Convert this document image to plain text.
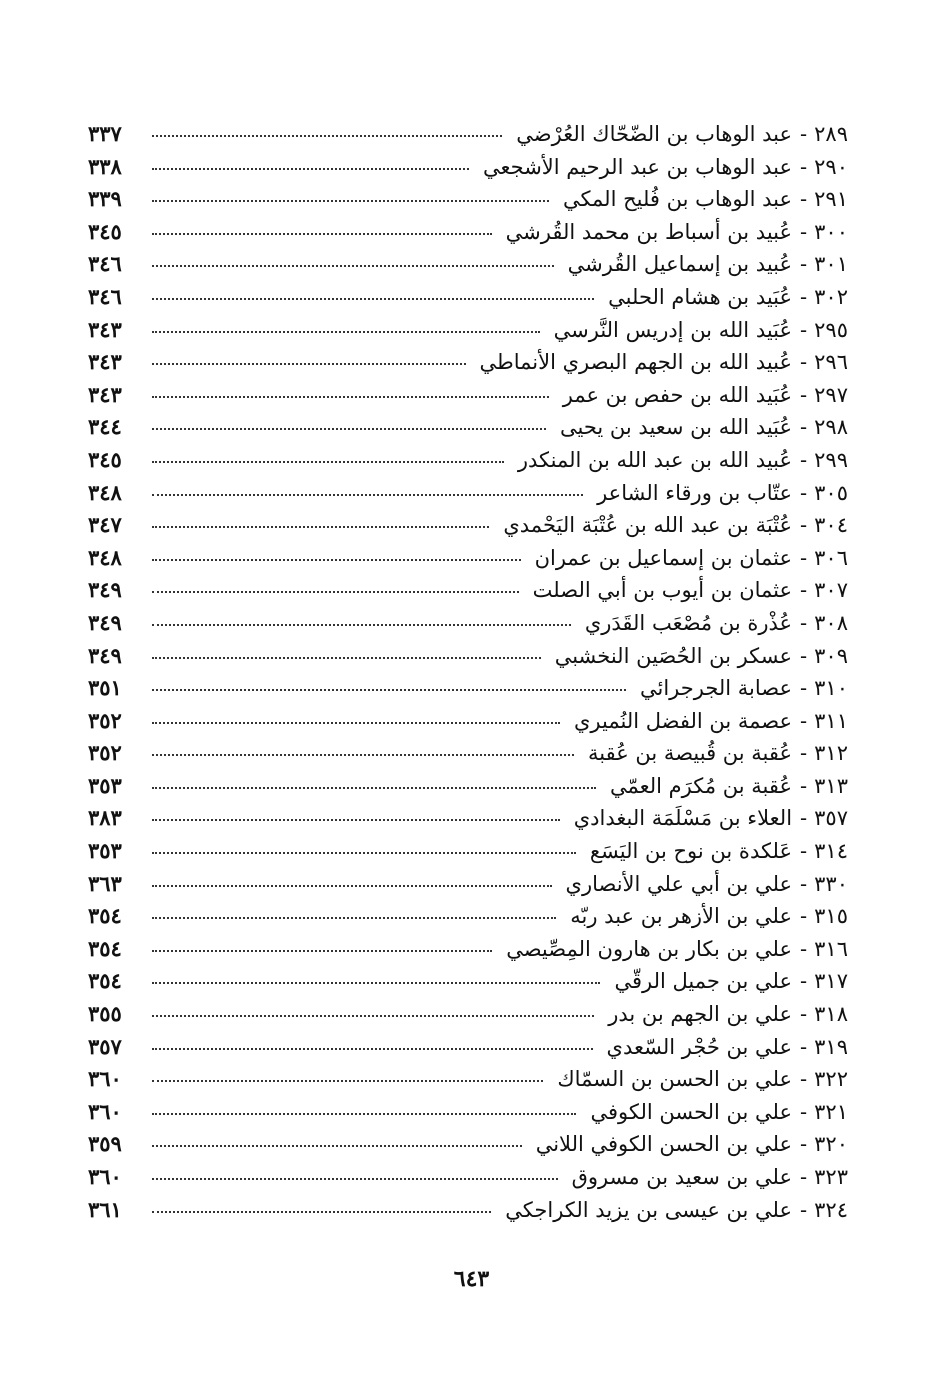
٢٨٩
-
عبد الوهاب بن الضّحّاك العُرْضي
٣٣٧
٢٩٠
-
عبد الوهاب بن عبد الرحيم الأشجعي
٣٣٨
٢٩١
-
عبد الوهاب بن فُليح المكي
٣٣٩
٣٠٠
-
عُبيد بن أسباط بن محمد القُرشي
٣٤٥
٣٠١
-
عُبيد بن إسماعيل القُرشي
٣٤٦
٣٠٢
-
عُبَيد بن هشام الحلبي
٣٤٦
٢٩٥
-
عُبَيد الله بن إدريس النَّرسي
٣٤٣
٢٩٦
-
عُبيد الله بن الجهم البصري الأنماطي
٣٤٣
٢٩٧
-
عُبَيد الله بن حفص بن عمر
٣٤٣
٢٩٨
-
عُبَيد الله بن سعيد بن يحيى
٣٤٤
٢٩٩
-
عُبيد الله بن عبد الله بن المنكدر
٣٤٥
٣٠٥
-
عتّاب بن ورقاء الشاعر
٣٤٨
٣٠٤
-
عُتْبَة بن عبد الله بن عُتْبَة اليَحْمدي
٣٤٧
٣٠٦
-
عثمان بن إسماعيل بن عمران
٣٤٨
٣٠٧
-
عثمان بن أيوب بن أبي الصلت
٣٤٩
٣٠٨
-
عُذْرة بن مُصْعَب القَدَري
٣٤٩
٣٠٩
-
عسكر بن الحُصَين النخشبي
٣٤٩
٣١٠
-
عصابة الجرجرائي
٣٥١
٣١١
-
عصمة بن الفضل النُميري
٣٥٢
٣١٢
-
عُقبة بن قُبيصة بن عُقبة
٣٥٢
٣١٣
-
عُقبة بن مُكرَم العمّي
٣٥٣
٣٥٧
-
العلاء بن مَسْلَمَة البغدادي
٣٨٣
٣١٤
-
عَلكدة بن نوح بن اليَسَع
٣٥٣
٣٣٠
-
علي بن أبي علي الأنصاري
٣٦٣
٣١٥
-
علي بن الأزهر بن عبد ربّه
٣٥٤
٣١٦
-
علي بن بكار بن هارون المِصِّيصي
٣٥٤
٣١٧
-
علي بن جميل الرقّي
٣٥٤
٣١٨
-
علي بن الجهم بن بدر
٣٥٥
٣١٩
-
علي بن حُجْر السّعدي
٣٥٧
٣٢٢
-
علي بن الحسن بن السمّاك
٣٦٠
٣٢١
-
علي بن الحسن الكوفي
٣٦٠
٣٢٠
-
علي بن الحسن الكوفي اللاني
٣٥٩
٣٢٣
-
علي بن سعيد بن مسروق
٣٦٠
٣٢٤
-
علي بن عيسى بن يزيد الكراجكي
٣٦١
٦٤٣
